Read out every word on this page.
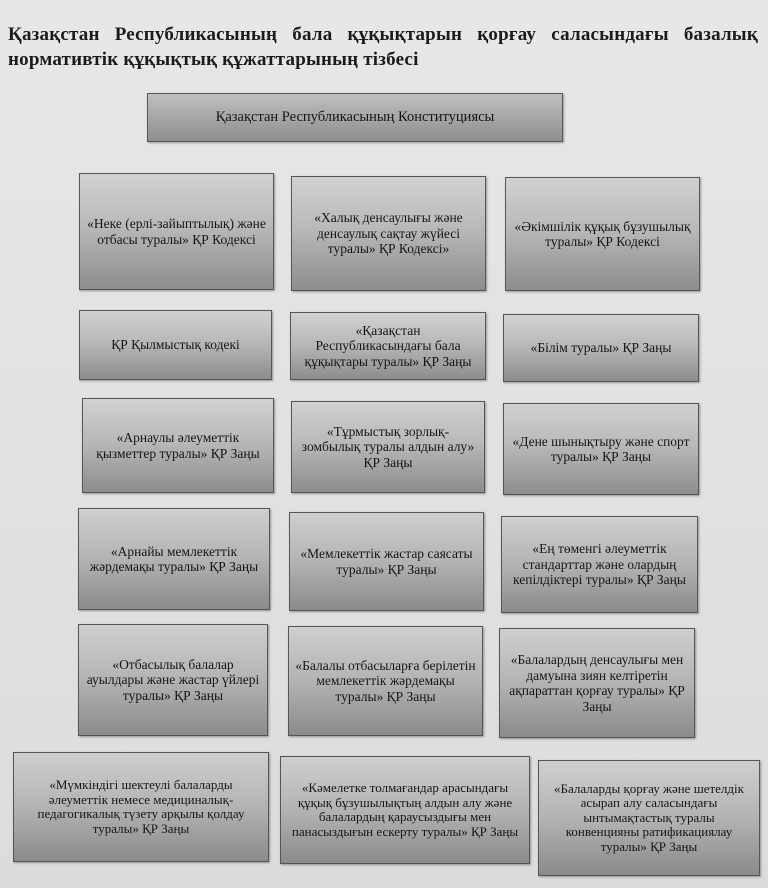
Қазақстан Республикасының бала құқықтарын қорғау саласындағы базалық нормативтік құқықтық құжаттарының тізбесі
Қазақстан Республикасының Конституциясы
«Неке (ерлі-зайыптылық) және отбасы туралы» ҚР Кодексі
«Халық денсаулығы және денсаулық сақтау жүйесі туралы» ҚР Кодексі»
«Әкімшілік құқық бұзушылық туралы» ҚР Кодексі
ҚР Қылмыстық кодекі
«Қазақстан Республикасындағы бала құқықтары туралы» ҚР Заңы
«Білім туралы» ҚР Заңы
«Арнаулы әлеуметтік қызметтер туралы» ҚР Заңы
«Тұрмыстық зорлық-зомбылық туралы алдын алу» ҚР Заңы
«Дене шынықтыру және спорт туралы» ҚР Заңы
«Арнайы мемлекеттік жәрдемақы туралы» ҚР Заңы
«Мемлекеттік жастар саясаты туралы» ҚР Заңы
«Ең төменгі әлеуметтік стандарттар және олардың кепілдіктері туралы» ҚР Заңы
«Отбасылық балалар ауылдары және жастар үйлері туралы» ҚР Заңы
«Балалы отбасыларға берілетін мемлекеттік жәрдемақы туралы» ҚР Заңы
«Балалардың денсаулығы мен дамуына зиян келтіретін ақпараттан қорғау туралы» ҚР Заңы
«Мүмкіндігі шектеулі балаларды әлеуметтік немесе медициналық-педагогикалық түзету арқылы қолдау туралы» ҚР Заңы
«Кәмелетке толмағандар арасындағы құқық бұзушылықтың алдын алу және балалардың қараусыздығы мен панасыздығын ескерту туралы» ҚР Заңы
«Балаларды қорғау және шетелдік асырап алу саласындағы ынтымақтастық туралы конвенцияны ратификациялау туралы» ҚР Заңы
